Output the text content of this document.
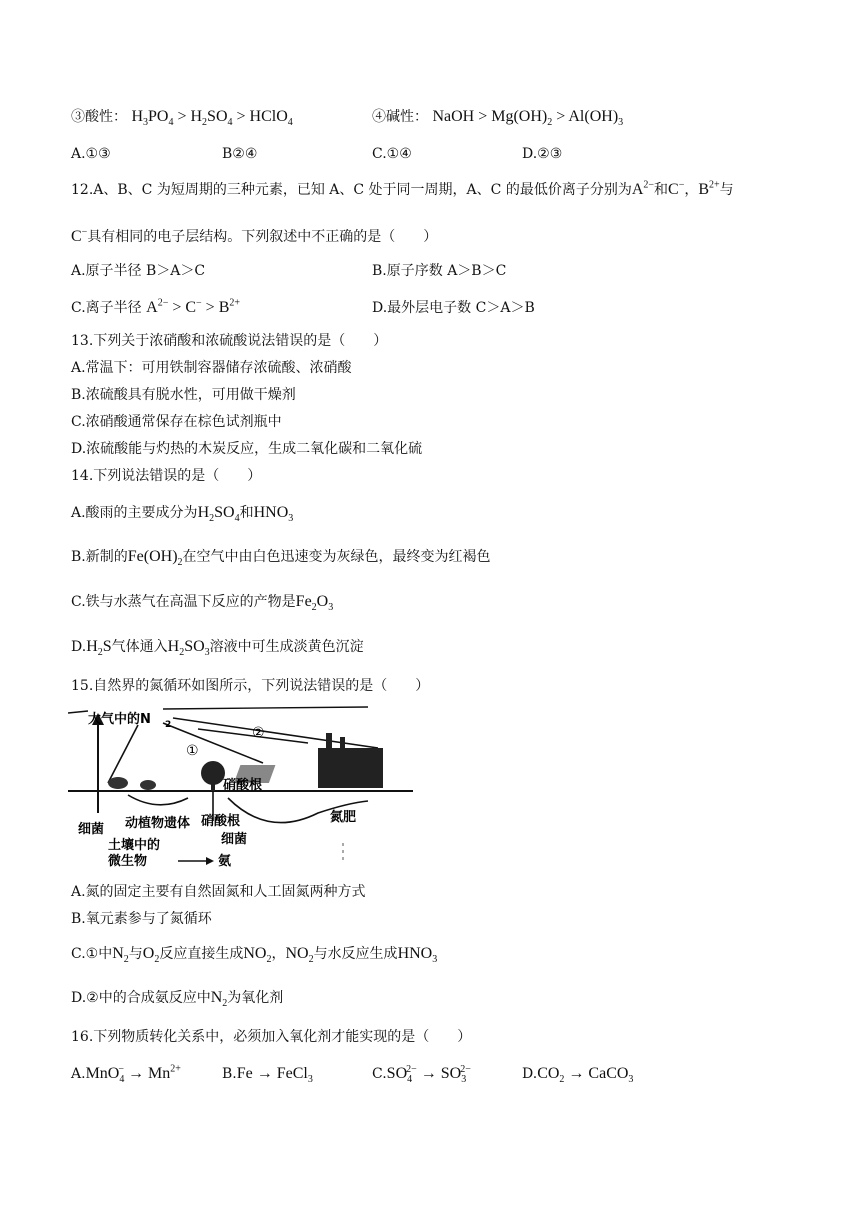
③酸性： $H_3PO_4 > H_2SO_4$ > HClO$_4$	④碱性： NaOH > $Mg(OH)_2 > Al(OH)_3$
A.①③	B②④	C.①④	D.②③
12.A、B、C 为短周期的三种元素，已知 A、C 处于同一周期，A、C 的最低价离子分别为$A^{2-}$和C−，$B^{2+}$与
C−具有相同的电子层结构。下列叙述中不正确的是（　　）
A.原子半径 B＞A＞C	B.原子序数 A＞B＞C
C.离子半径 $A^{2-} > C^- > B^{2+}$	D.最外层电子数 C＞A＞B
13.下列关于浓硝酸和浓硫酸说法错误的是（　　）
A.常温下：可用铁制容器储存浓硫酸、浓硝酸
B.浓硫酸具有脱水性，可用做干燥剂
C.浓硝酸通常保存在棕色试剂瓶中
D.浓硫酸能与灼热的木炭反应，生成二氧化碳和二氧化硫
14.下列说法错误的是（　　）
A.酸雨的主要成分为$H_2SO_4$和$HNO_3$
B.新制的$Fe(OH)_2$在空气中由白色迅速变为灰绿色，最终变为红褐色
C.铁与水蒸气在高温下反应的产物是$Fe_2O_3$
$D.H_2S$气体通入$H_2SO_3$溶液中可生成淡黄色沉淀
15.自然界的氮循环如图所示，下列说法错误的是（　　）
大气中的N 2
①
②
硝酸根
细菌 动植物遗体 硝酸根
细菌
氮肥
土壤中的
微生物	氨
A.氮的固定主要有自然固氮和人工固氮两种方式
B.氧元素参与了氮循环
C.①中$N_2$与$O_2$反应直接生成$NO_2$，$NO_2$与水反应生成$HNO_3$
D.②中的合成氨反应中$N_2$为氧化剂
16.下列物质转化关系中，必须加入氧化剂才能实现的是（　　）
$A.MnO_4^- \to Mn^{2+}$	B.Fe → FeCl$_3$	$C.SO_4^{2-} \to SO_3^{2-}$	$D.CO_2$ → CaCO$_3$
